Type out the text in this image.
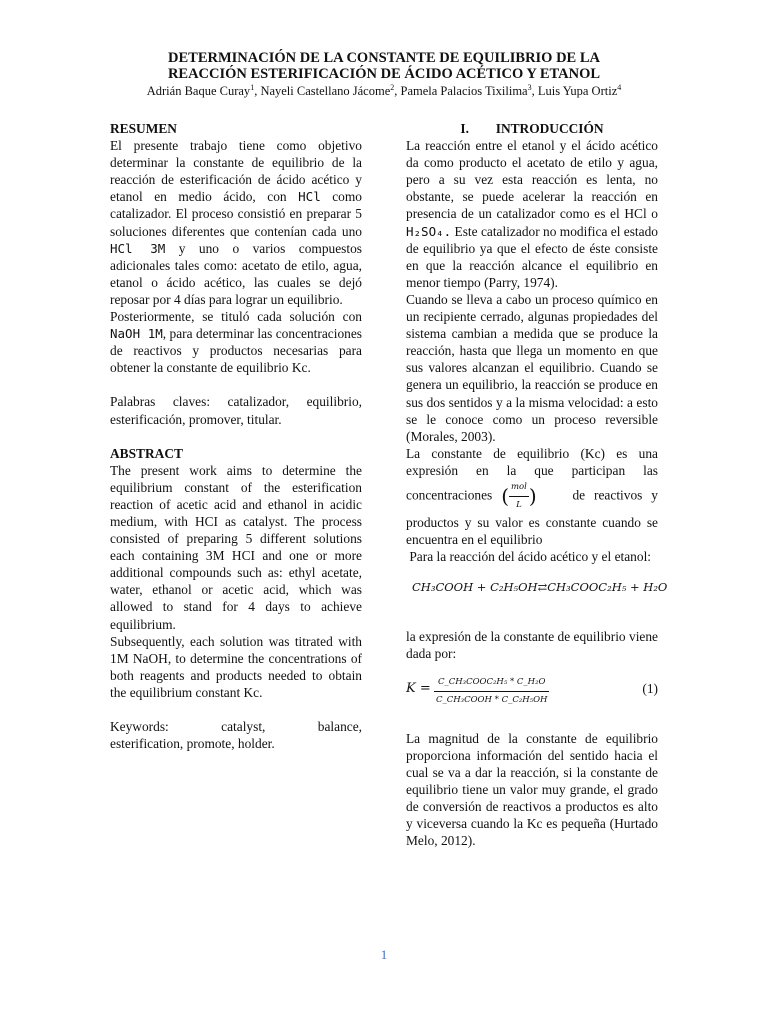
DETERMINACIÓN DE LA CONSTANTE DE EQUILIBRIO DE LA
REACCIÓN ESTERIFICACIÓN DE ÁCIDO ACÉTICO Y ETANOL
Adrián Baque Curay$^1$, Nayeli Castellano Jácome$^2$, Pamela Palacios Tixilima$^3$, Luis Yupa Ortiz$^4$

RESUMEN

El presente trabajo tiene como objetivo determinar la constante de equilibrio de la reacción de esterificación de ácido acético y etanol en medio ácido, con HCl como catalizador. El proceso consistió en preparar 5 soluciones diferentes que contenían cada uno HCl 3M y uno o varios compuestos adicionales tales como: acetato de etilo, agua, etanol o ácido acético, las cuales se dejó reposar por 4 días para lograr un equilibrio.

Posteriormente, se tituló cada solución con NaOH 1M, para determinar las concentraciones de reactivos y productos necesarias para obtener la constante de equilibrio Kc.

Palabras claves: catalizador, equilibrio, esterificación, promover, titular.

ABSTRACT

The present work aims to determine the equilibrium constant of the esterification reaction of acetic acid and ethanol in acidic medium, with HCI as catalyst. The process consisted of preparing 5 different solutions each containing 3M HCI and one or more additional compounds such as: ethyl acetate, water, ethanol or acetic acid, which was allowed to stand for 4 days to achieve equilibrium.

Subsequently, each solution was titrated with 1M NaOH, to determine the concentrations of both reagents and products needed to obtain the equilibrium constant Kc.

Keywords:	catalyst,	balance,

esterification, promote, holder.

I.        INTRODUCCIÓN

La reacción entre el etanol y el ácido acético da como producto el acetato de etilo y agua, pero a su vez esta reacción es lenta, no obstante, se puede acelerar la reacción en presencia de un catalizador como es el HCl o H₂SO₄. Este catalizador no modifica el estado de equilibrio ya que el efecto de éste consiste en que la reacción alcance el equilibrio en menor tiempo (Parry, 1974).

Cuando se lleva a cabo un proceso químico en un recipiente cerrado, algunas propiedades del sistema cambian a medida que se produce la reacción, hasta que llega un momento en que sus valores alcanzan el equilibrio. Cuando se genera un equilibrio, la reacción se produce en sus dos sentidos y a la misma velocidad: a esto se le conoce como un proceso reversible (Morales, 2003).

La constante de equilibrio (Kc) es una expresión en la que participan las concentraciones ( $\frac{\text{mol}}{L}$ )	de reactivos y productos y su valor es constante cuando se encuentra en el equilibrio

Para la reacción del ácido acético y el etanol:

CH₃COOH + C₂H₅OH⇄CH₃COOC₂H₅ + H₂O

la expresión de la constante de equilibrio viene dada por:

K = C_CH₃COOC₂H₅ * C_H₂O
C_CH₃COOH * C_C₂H₅OH
(1)

La magnitud de la constante de equilibrio proporciona información del sentido hacia el cual se va a dar la reacción, si la constante de equilibrio tiene un valor muy grande, el grado de conversión de reactivos a productos es alto y viceversa cuando la Kc es pequeña (Hurtado Melo, 2012).

1
